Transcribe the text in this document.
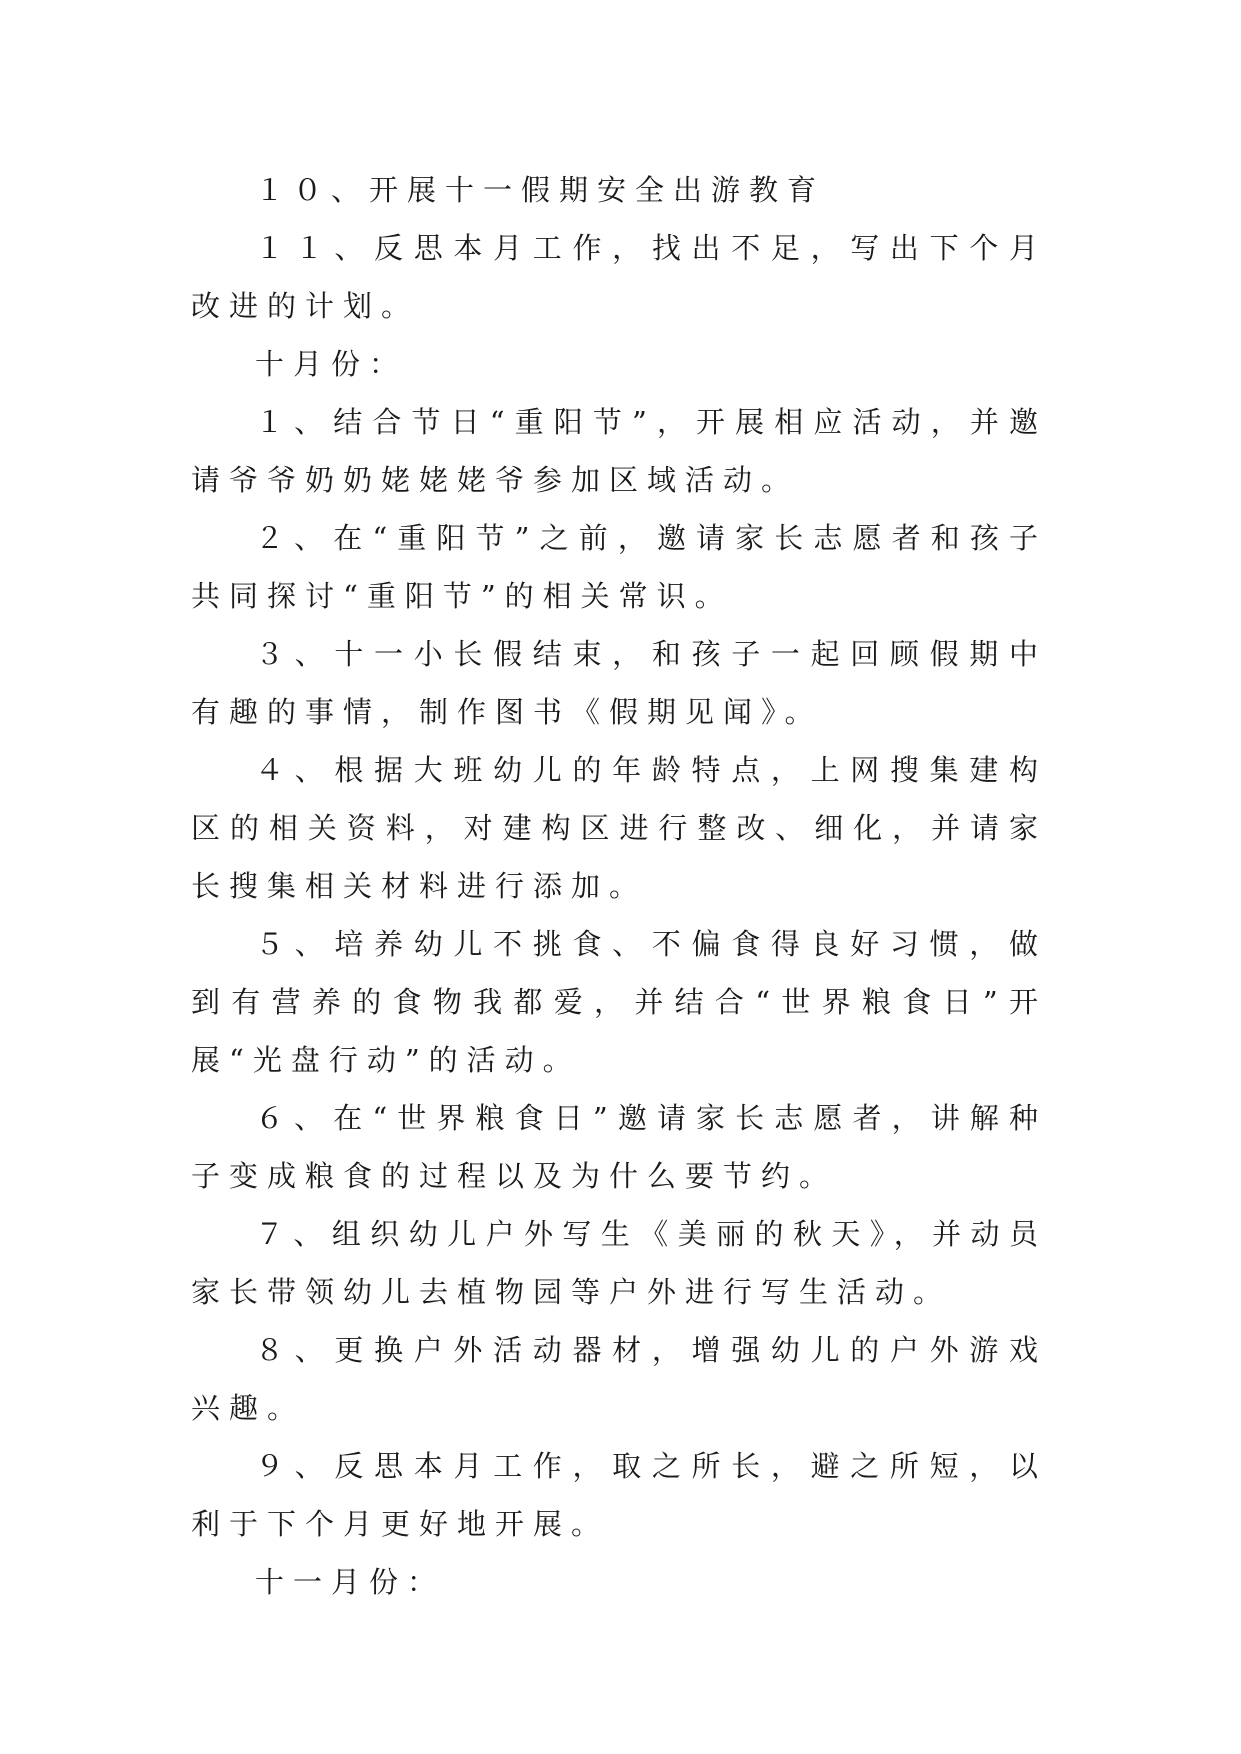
１０、开展十一假期安全出游教育

１１、反思本月工作，找出不足，写出下个月改进的计划。

十月份：

１、结合节日“重阳节”，开展相应活动，并邀请爷爷奶奶姥姥姥爷参加区域活动。

２、在“重阳节”之前，邀请家长志愿者和孩子共同探讨“重阳节”的相关常识。

３、十一小长假结束，和孩子一起回顾假期中有趣的事情，制作图书《假期见闻》。

４、根据大班幼儿的年龄特点，上网搜集建构区的相关资料，对建构区进行整改、细化，并请家长搜集相关材料进行添加。

５、培养幼儿不挑食、不偏食得良好习惯，做到有营养的食物我都爱，并结合“世界粮食日”开展“光盘行动”的活动。

６、在“世界粮食日”邀请家长志愿者，讲解种子变成粮食的过程以及为什么要节约。

７、组织幼儿户外写生《美丽的秋天》，并动员家长带领幼儿去植物园等户外进行写生活动。

８、更换户外活动器材，增强幼儿的户外游戏兴趣。

９、反思本月工作，取之所长，避之所短，以利于下个月更好地开展。

十一月份：
